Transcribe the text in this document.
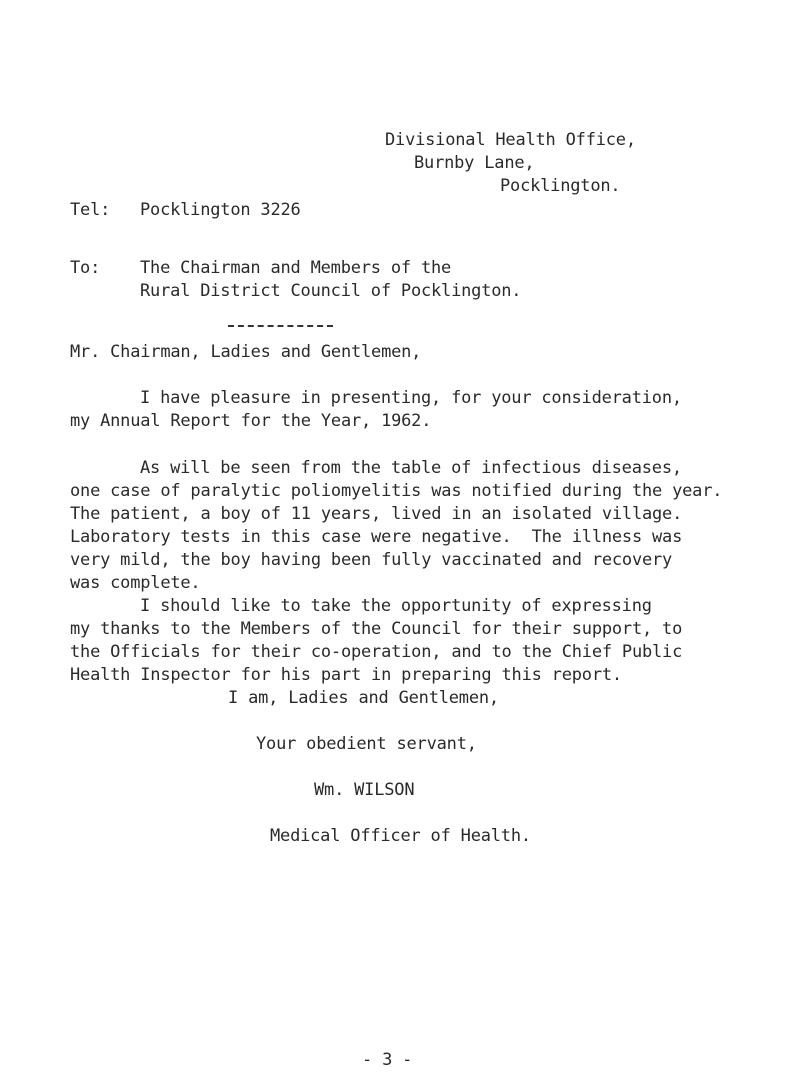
Divisional Health Office,
Burnby Lane,
Pocklington.
Tel: Pocklington 3226
To: The Chairman and Members of the
Rural District Council of Pocklington.
Mr. Chairman, Ladies and Gentlemen,
I have pleasure in presenting, for your consideration,
my Annual Report for the Year, 1962.
As will be seen from the table of infectious diseases,
one case of paralytic poliomyelitis was notified during the year.
The patient, a boy of 11 years, lived in an isolated village.
Laboratory tests in this case were negative.  The illness was
very mild, the boy having been fully vaccinated and recovery
was complete.
I should like to take the opportunity of expressing
my thanks to the Members of the Council for their support, to
the Officials for their co-operation, and to the Chief Public
Health Inspector for his part in preparing this report.
I am, Ladies and Gentlemen,
Your obedient servant,
Wm. WILSON
Medical Officer of Health.
- 3 -
